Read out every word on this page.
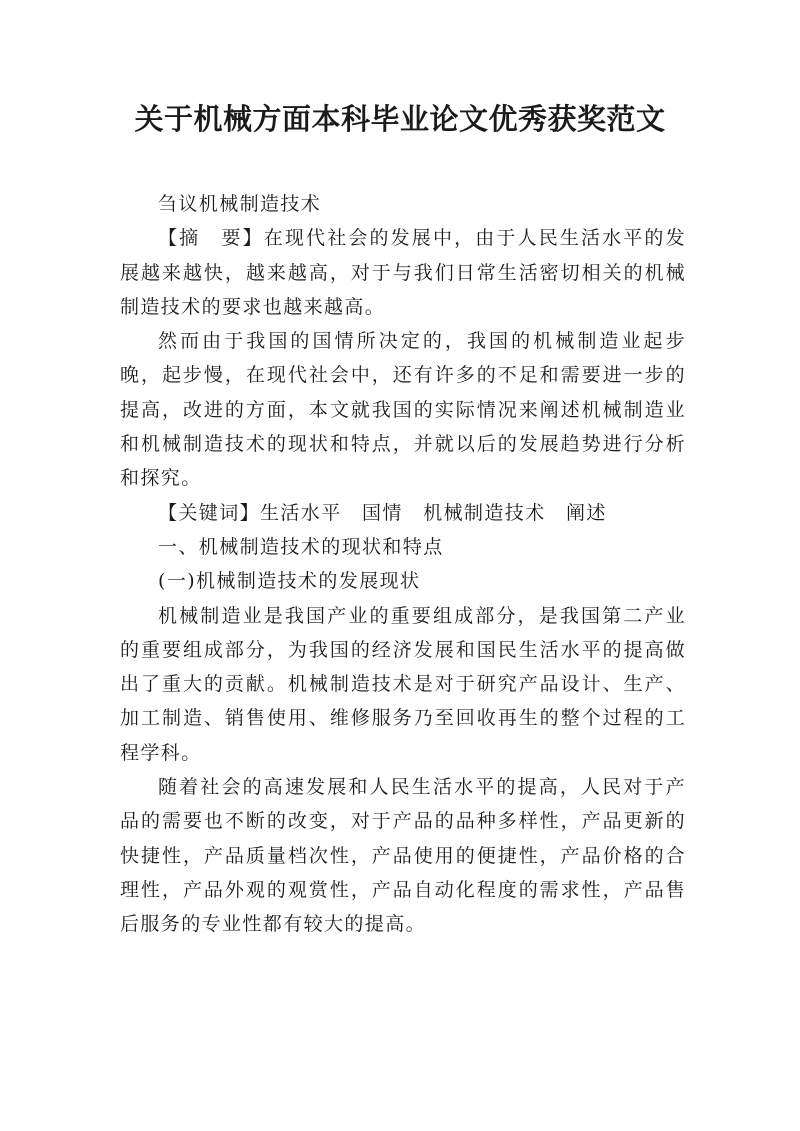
关于机械方面本科毕业论文优秀获奖范文

刍议机械制造技术

【摘　要】在现代社会的发展中，由于人民生活水平的发展越来越快，越来越高，对于与我们日常生活密切相关的机械制造技术的要求也越来越高。

然而由于我国的国情所决定的，我国的机械制造业起步晚，起步慢，在现代社会中，还有许多的不足和需要进一步的提高，改进的方面，本文就我国的实际情况来阐述机械制造业和机械制造技术的现状和特点，并就以后的发展趋势进行分析和探究。

【关键词】生活水平　国情　机械制造技术　阐述

一、机械制造技术的现状和特点

(一)机械制造技术的发展现状

机械制造业是我国产业的重要组成部分，是我国第二产业的重要组成部分，为我国的经济发展和国民生活水平的提高做出了重大的贡献。机械制造技术是对于研究产品设计、生产、加工制造、销售使用、维修服务乃至回收再生的整个过程的工程学科。

随着社会的高速发展和人民生活水平的提高，人民对于产品的需要也不断的改变，对于产品的品种多样性，产品更新的快捷性，产品质量档次性，产品使用的便捷性，产品价格的合理性，产品外观的观赏性，产品自动化程度的需求性，产品售后服务的专业性都有较大的提高。
